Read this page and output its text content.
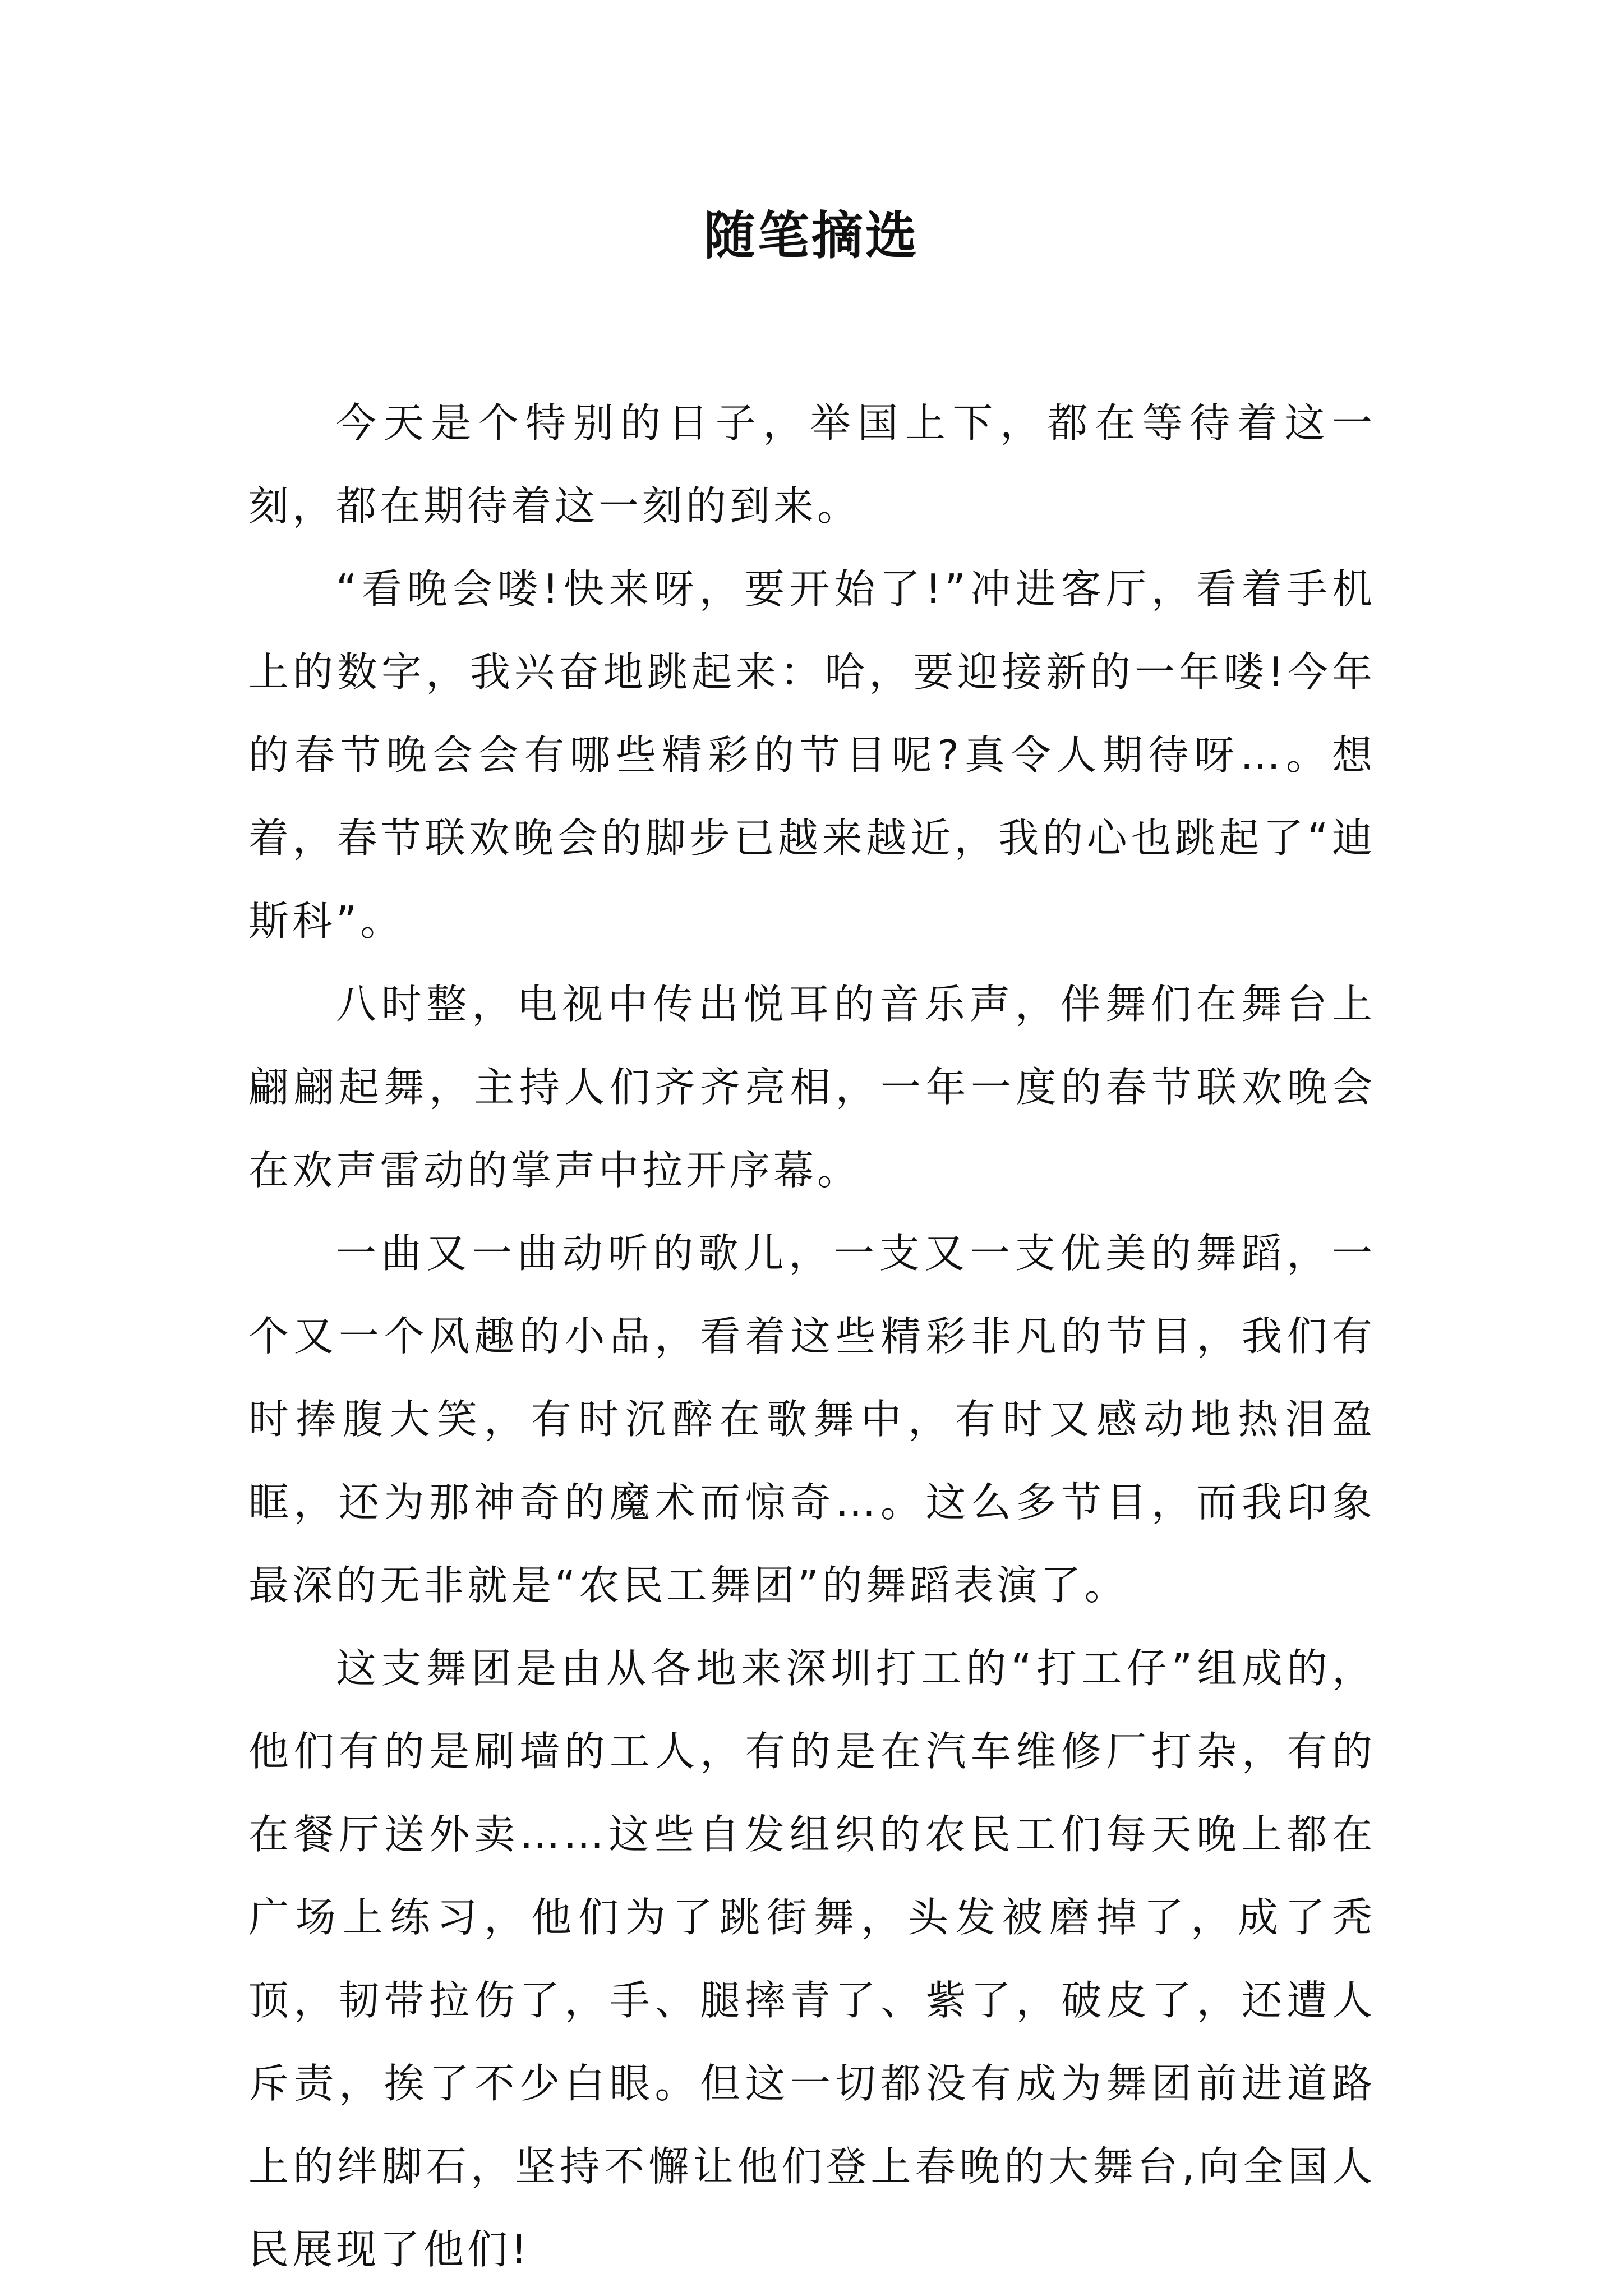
随笔摘选

今天是个特别的日子，举国上下，都在等待着这一刻，都在期待着这一刻的到来。

“看晚会喽!快来呀，要开始了!”冲进客厅，看着手机上的数字，我兴奋地跳起来：哈，要迎接新的一年喽!今年的春节晚会会有哪些精彩的节目呢?真令人期待呀…。想着，春节联欢晚会的脚步已越来越近，我的心也跳起了“迪斯科”。

八时整，电视中传出悦耳的音乐声，伴舞们在舞台上翩翩起舞，主持人们齐齐亮相，一年一度的春节联欢晚会在欢声雷动的掌声中拉开序幕。

一曲又一曲动听的歌儿，一支又一支优美的舞蹈，一个又一个风趣的小品，看着这些精彩非凡的节目，我们有时捧腹大笑，有时沉醉在歌舞中，有时又感动地热泪盈眶，还为那神奇的魔术而惊奇…。这么多节目，而我印象最深的无非就是“农民工舞团”的舞蹈表演了。

这支舞团是由从各地来深圳打工的“打工仔”组成的，他们有的是刷墙的工人，有的是在汽车维修厂打杂，有的在餐厅送外卖……这些自发组织的农民工们每天晚上都在广场上练习，他们为了跳街舞，头发被磨掉了，成了秃顶，韧带拉伤了，手、腿摔青了、紫了，破皮了，还遭人斥责，挨了不少白眼。但这一切都没有成为舞团前进道路上的绊脚石，坚持不懈让他们登上春晚的大舞台,向全国人民展现了他们!
